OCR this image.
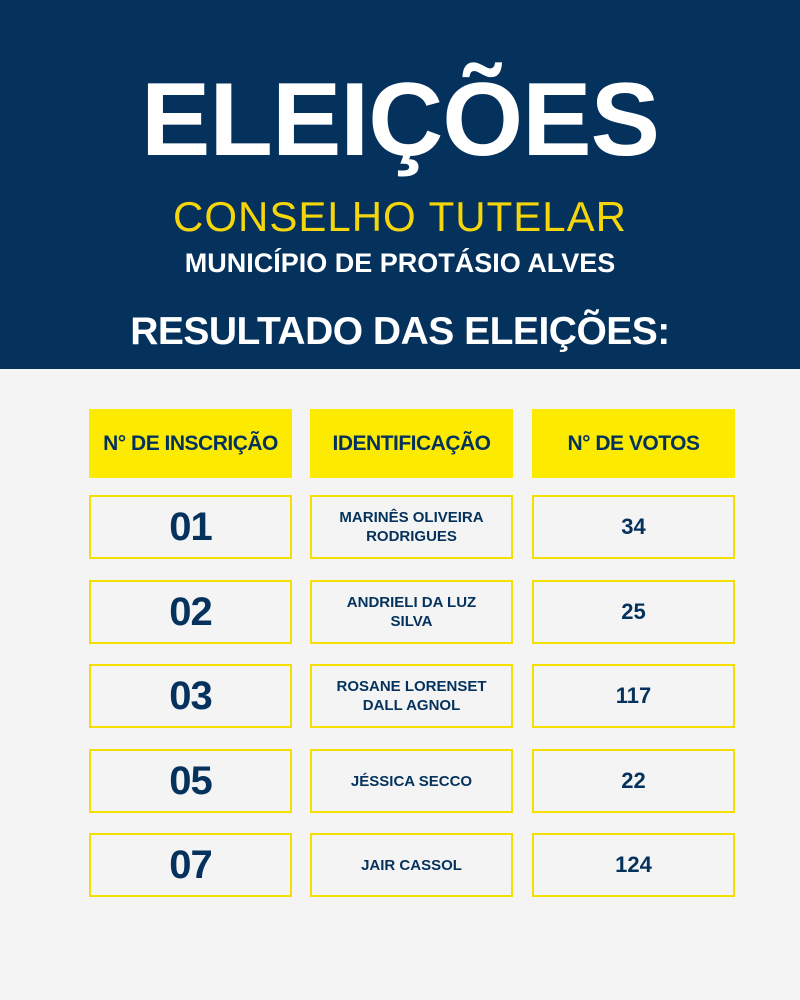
ELEIÇÕES
CONSELHO TUTELAR
MUNICÍPIO DE PROTÁSIO ALVES
RESULTADO DAS ELEIÇÕES:
N° DE INSCRIÇÃO	IDENTIFICAÇÃO	N° DE VOTOS
01	MARINÊS OLIVEIRA RODRIGUES	34
02	ANDRIELI DA LUZ SILVA	25
03	ROSANE LORENSET DALL AGNOL	117
05	JÉSSICA SECCO	22
07	JAIR CASSOL	124
